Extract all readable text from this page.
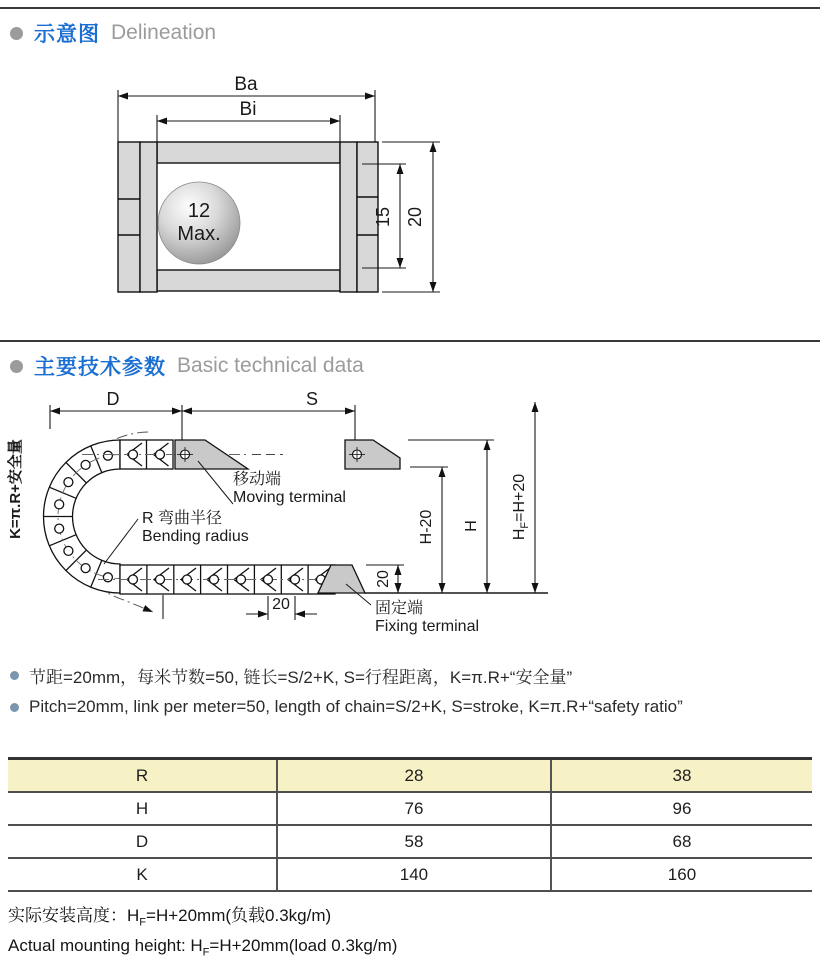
示意图 Delineation
Ba
Bi
12
Max.
15 20
主要技术参数 Basic technical data
D	S
K=π.R+安全量	移动端
Moving terminal
R 弯曲半径
Bending radius
固定端
Fixing terminal
20
20
H-20 H
$H_F=H+20$
节距=20mm，每米节数=50, 链长=S/2+K, S=行程距离，K=π.R+“安全量”
Pitch=20mm, link per meter=50, length of chain=S/2+K, S=stroke, K=π.R+“safety ratio”
R	28	38
H	76	96
D	58	68
K	140	160
实际安装高度：$H_F=H+20mm$(负载0.3kg/m)
Actual mounting height: $H_F=H+20mm(load$ 0.3kg/m)
